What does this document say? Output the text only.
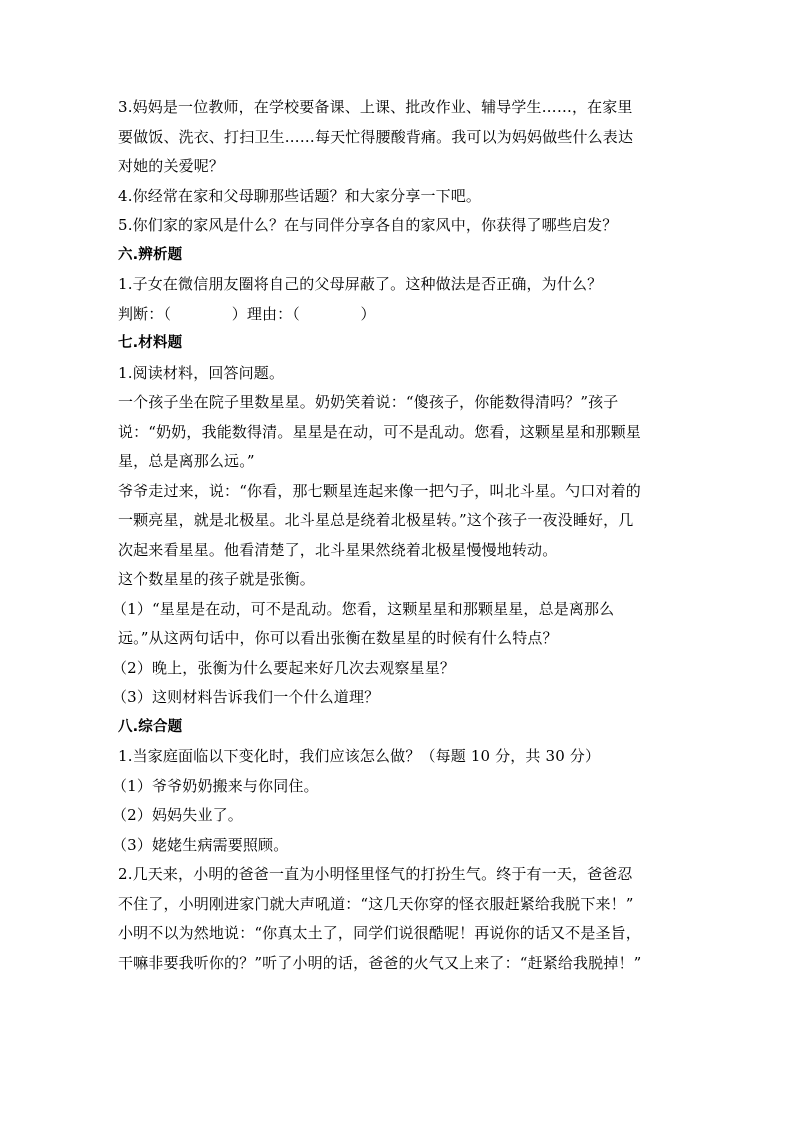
3.妈妈是一位教师，在学校要备课、上课、批改作业、辅导学生……，在家里
要做饭、洗衣、打扫卫生……每天忙得腰酸背痛。我可以为妈妈做些什么表达
对她的关爱呢？
4.你经常在家和父母聊那些话题？和大家分享一下吧。
5.你们家的家风是什么？在与同伴分享各自的家风中，你获得了哪些启发？
六.辨析题
1.子女在微信朋友圈将自己的父母屏蔽了。这种做法是否正确，为什么？
判断：（　　　　）理由：（　　　　）
七.材料题
1.阅读材料，回答问题。
一个孩子坐在院子里数星星。奶奶笑着说：“傻孩子，你能数得清吗？”孩子
说：“奶奶，我能数得清。星星是在动，可不是乱动。您看，这颗星星和那颗星
星，总是离那么远。”
爷爷走过来，说：“你看，那七颗星连起来像一把勺子，叫北斗星。勺口对着的
一颗亮星，就是北极星。北斗星总是绕着北极星转。”这个孩子一夜没睡好，几
次起来看星星。他看清楚了，北斗星果然绕着北极星慢慢地转动。
这个数星星的孩子就是张衡。
（1）“星星是在动，可不是乱动。您看，这颗星星和那颗星星，总是离那么
远。”从这两句话中，你可以看出张衡在数星星的时候有什么特点？
（2）晚上，张衡为什么要起来好几次去观察星星？
（3）这则材料告诉我们一个什么道理？
八.综合题
1.当家庭面临以下变化时，我们应该怎么做？（每题 10 分，共 30 分）
（1）爷爷奶奶搬来与你同住。
（2）妈妈失业了。
（3）姥姥生病需要照顾。
2.几天来，小明的爸爸一直为小明怪里怪气的打扮生气。终于有一天，爸爸忍
不住了，小明刚进家门就大声吼道：“这几天你穿的怪衣服赶紧给我脱下来！”
小明不以为然地说：“你真太土了，同学们说很酷呢！再说你的话又不是圣旨，
干嘛非要我听你的？”听了小明的话，爸爸的火气又上来了：“赶紧给我脱掉！”
